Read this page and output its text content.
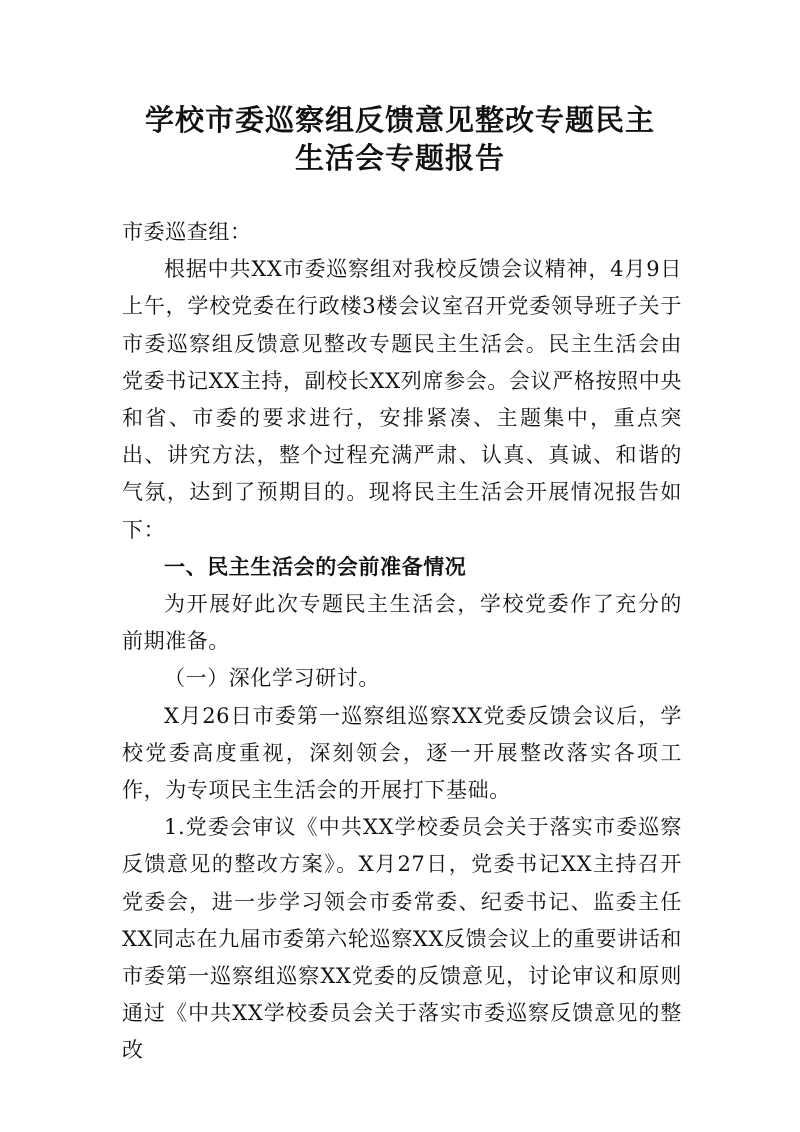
学校市委巡察组反馈意见整改专题民主
生活会专题报告

市委巡查组：

根据中共XX市委巡察组对我校反馈会议精神，4月9日上午，学校党委在行政楼3楼会议室召开党委领导班子关于市委巡察组反馈意见整改专题民主生活会。民主生活会由党委书记XX主持，副校长XX列席参会。会议严格按照中央和省、市委的要求进行，安排紧凑、主题集中，重点突出、讲究方法，整个过程充满严肃、认真、真诚、和谐的气氛，达到了预期目的。现将民主生活会开展情况报告如下：

一、民主生活会的会前准备情况

为开展好此次专题民主生活会，学校党委作了充分的前期准备。

（一）深化学习研讨。

X月26日市委第一巡察组巡察XX党委反馈会议后，学校党委高度重视，深刻领会，逐一开展整改落实各项工作，为专项民主生活会的开展打下基础。

1.党委会审议《中共XX学校委员会关于落实市委巡察反馈意见的整改方案》。X月27日，党委书记XX主持召开党委会，进一步学习领会市委常委、纪委书记、监委主任XX同志在九届市委第六轮巡察XX反馈会议上的重要讲话和市委第一巡察组巡察XX党委的反馈意见，讨论审议和原则通过《中共XX学校委员会关于落实市委巡察反馈意见的整改
